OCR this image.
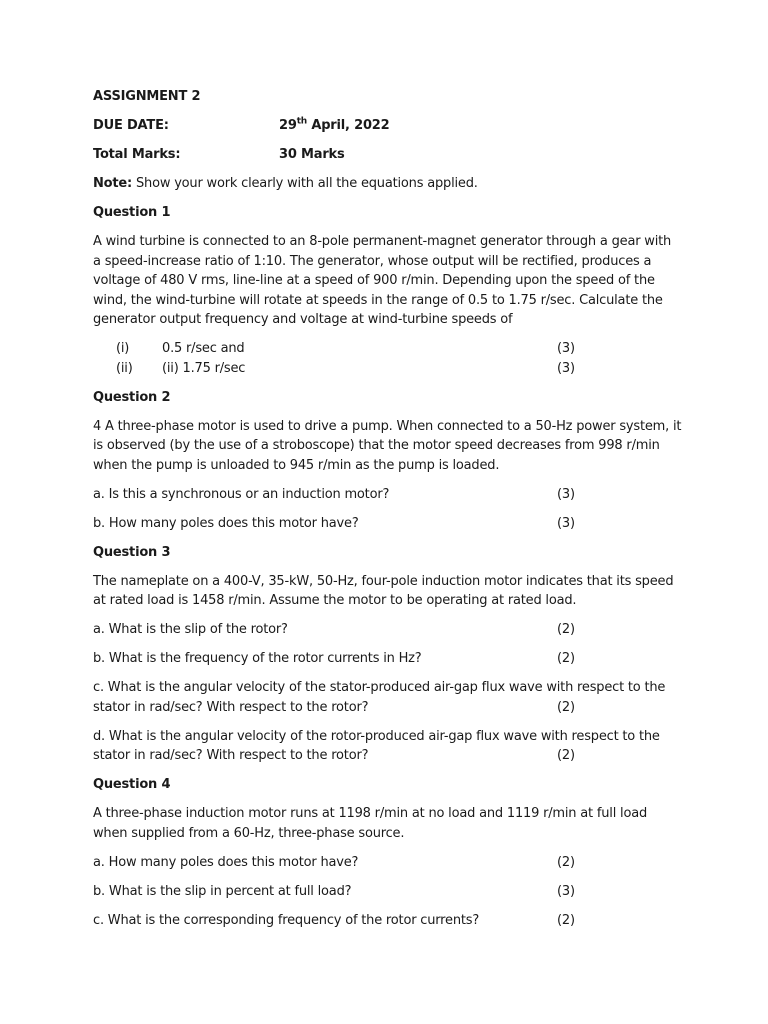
ASSIGNMENT 2
DUE DATE:	29th April, 2022
Total Marks:	30 Marks
Note: Show your work clearly with all the equations applied.
Question 1
A wind turbine is connected to an 8-pole permanent-magnet generator through a gear with
a speed-increase ratio of 1:10. The generator, whose output will be rectified, produces a
voltage of 480 V rms, line-line at a speed of 900 r/min. Depending upon the speed of the
wind, the wind-turbine will rotate at speeds in the range of 0.5 to 1.75 r/sec. Calculate the
generator output frequency and voltage at wind-turbine speeds of
(i)	0.5 r/sec and	(3)
(ii) (ii) 1.75 r/sec	(3)
Question 2
4 A three-phase motor is used to drive a pump. When connected to a 50-Hz power system, it
is observed (by the use of a stroboscope) that the motor speed decreases from 998 r/min
when the pump is unloaded to 945 r/min as the pump is loaded.
a. Is this a synchronous or an induction motor?	(3)
b. How many poles does this motor have?	(3)
Question 3
The nameplate on a 400-V, 35-kW, 50-Hz, four-pole induction motor indicates that its speed
at rated load is 1458 r/min. Assume the motor to be operating at rated load.
a. What is the slip of the rotor?	(2)
b. What is the frequency of the rotor currents in Hz?	(2)
c. What is the angular velocity of the stator-produced air-gap flux wave with respect to the
stator in rad/sec? With respect to the rotor?	(2)
d. What is the angular velocity of the rotor-produced air-gap flux wave with respect to the
stator in rad/sec? With respect to the rotor?	(2)
Question 4
A three-phase induction motor runs at 1198 r/min at no load and 1119 r/min at full load
when supplied from a 60-Hz, three-phase source.
a. How many poles does this motor have?	(2)
b. What is the slip in percent at full load?	(3)
c. What is the corresponding frequency of the rotor currents?	(2)
